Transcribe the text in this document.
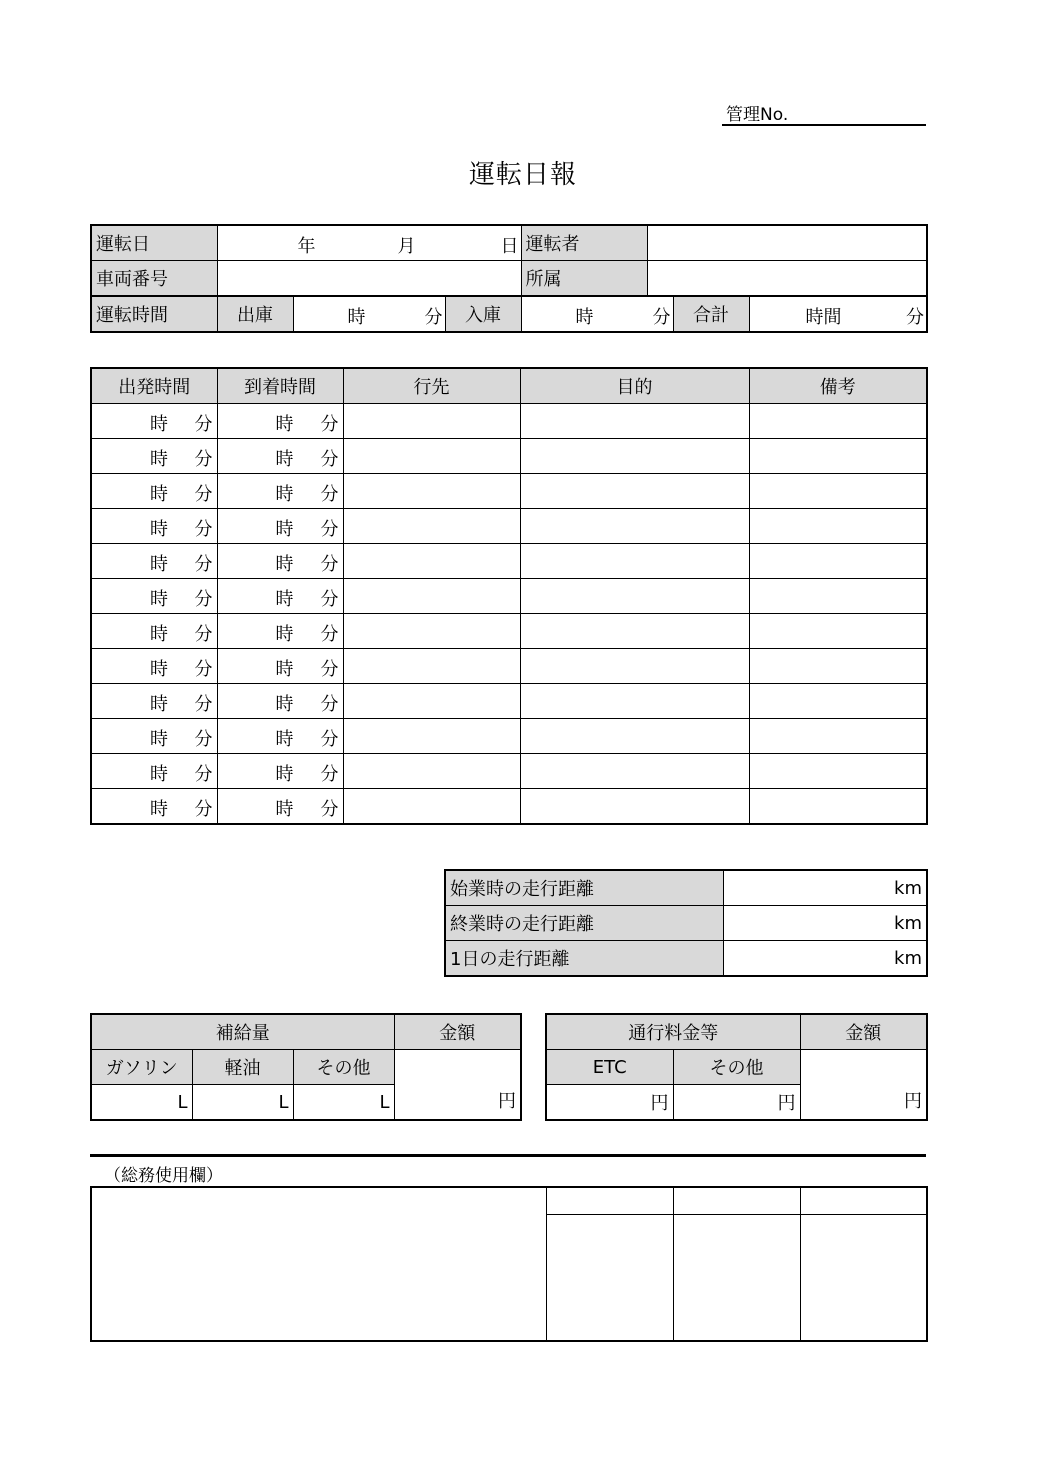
管理No.
運転日報
運転日	年 月 日	運転者	
車両番号		所属	
運転時間	出庫	時	分	入庫	時	分	合計	時間	分
出発時間	到着時間	行先	目的	備考

時 分	時 分			

時 分	時 分			

時 分	時 分			

時 分	時 分			

時 分	時 分			

時 分	時 分			

時 分	時 分			

時 分	時 分			

時 分	時 分			

時 分	時 分			

時 分	時 分			

時 分	時 分			

始業時の走行距離	km
終業時の走行距離	km
1日の走行距離	km
補給量			金額
ガソリン	軽油	その他	円
L	L	L	
通行料金等		金額
ETC	その他	円
円	円	
（総務使用欄）
